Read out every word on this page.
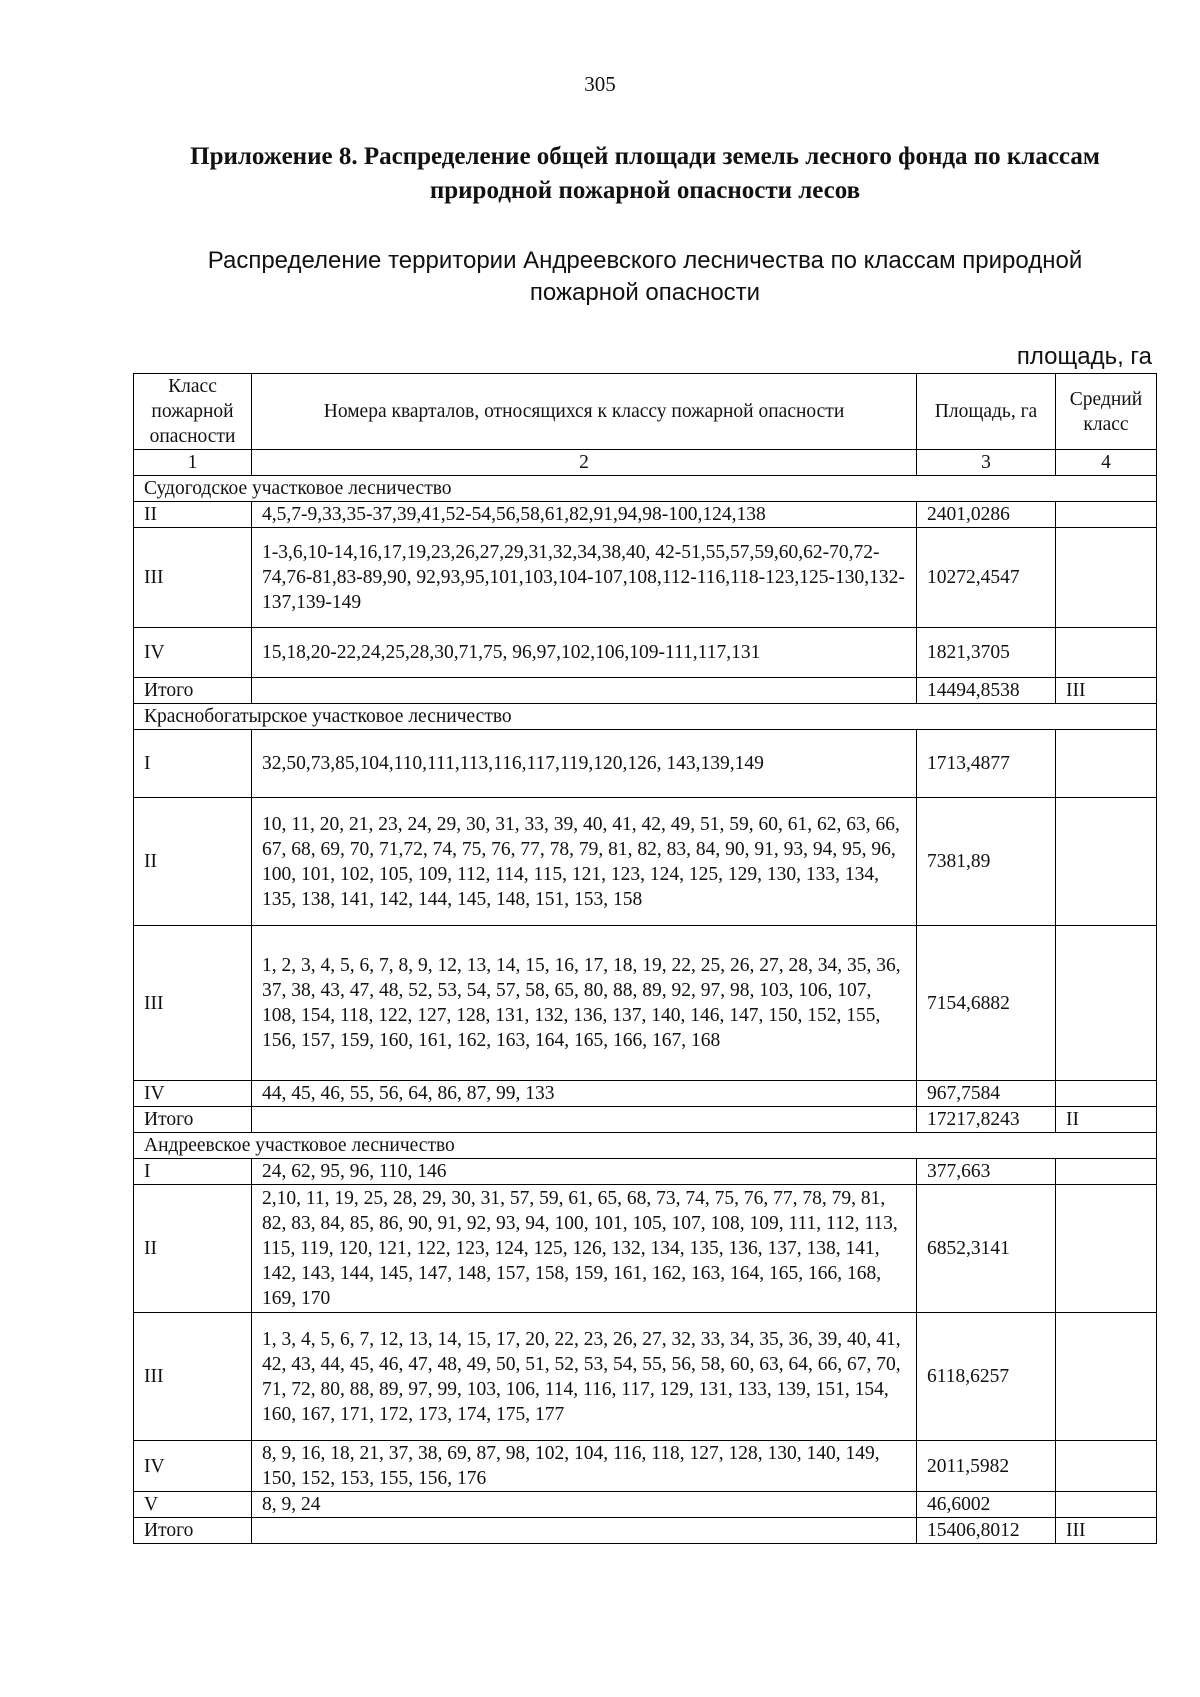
305
Приложение 8. Распределение общей площади земель лесного фонда по классам природной пожарной опасности лесов
Распределение территории Андреевского лесничества по классам природной пожарной опасности
площадь, га
Класс пожарной опасности	Номера кварталов, относящихся к классу пожарной опасности	Площадь, га	Средний класс
1	2	3	4
Судогодское участковое лесничество			
II	4,5,7-9,33,35-37,39,41,52-54,56,58,61,82,91,94,98-100,124,138	2401,0286	
III	1-3,6,10-14,16,17,19,23,26,27,29,31,32,34,38,40, 42-51,55,57,59,60,62-70,72-74,76-81,83-89,90, 92,93,95,101,103,104-107,108,112-116,118-123,125-130,132-137,139-149	10272,4547	
IV	15,18,20-22,24,25,28,30,71,75, 96,97,102,106,109-111,117,131	1821,3705	
Итого		14494,8538	III
Краснобогатырское участковое лесничество			
I	32,50,73,85,104,110,111,113,116,117,119,120,126, 143,139,149	1713,4877	
II	10, 11, 20, 21, 23, 24, 29, 30, 31, 33, 39, 40, 41, 42, 49, 51, 59, 60, 61, 62, 63, 66, 67, 68, 69, 70, 71,72, 74, 75, 76, 77, 78, 79, 81, 82, 83, 84, 90, 91, 93, 94, 95, 96, 100, 101, 102, 105, 109, 112, 114, 115, 121, 123, 124, 125, 129, 130, 133, 134, 135, 138, 141, 142, 144, 145, 148, 151, 153, 158	7381,89	
III	1, 2, 3, 4, 5, 6, 7, 8, 9, 12, 13, 14, 15, 16, 17, 18, 19, 22, 25, 26, 27, 28, 34, 35, 36, 37, 38, 43, 47, 48, 52, 53, 54, 57, 58, 65, 80, 88, 89, 92, 97, 98, 103, 106, 107, 108, 154, 118, 122, 127, 128, 131, 132, 136, 137, 140, 146, 147, 150, 152, 155, 156, 157, 159, 160, 161, 162, 163, 164, 165, 166, 167, 168	7154,6882	
IV	44, 45, 46, 55, 56, 64, 86, 87, 99, 133	967,7584	
Итого		17217,8243	II
Андреевское участковое лесничество			
I	24, 62, 95, 96, 110, 146	377,663	
II	2,10, 11, 19, 25, 28, 29, 30, 31, 57, 59, 61, 65, 68, 73, 74, 75, 76, 77, 78, 79, 81, 82, 83, 84, 85, 86, 90, 91, 92, 93, 94, 100, 101, 105, 107, 108, 109, 111, 112, 113, 115, 119, 120, 121, 122, 123, 124, 125, 126, 132, 134, 135, 136, 137, 138, 141, 142, 143, 144, 145, 147, 148, 157, 158, 159, 161, 162, 163, 164, 165, 166, 168, 169, 170	6852,3141	
III	1, 3, 4, 5, 6, 7, 12, 13, 14, 15, 17, 20, 22, 23, 26, 27, 32, 33, 34, 35, 36, 39, 40, 41, 42, 43, 44, 45, 46, 47, 48, 49, 50, 51, 52, 53, 54, 55, 56, 58, 60, 63, 64, 66, 67, 70, 71, 72, 80, 88, 89, 97, 99, 103, 106, 114, 116, 117, 129, 131, 133, 139, 151, 154, 160, 167, 171, 172, 173, 174, 175, 177	6118,6257	
IV	8, 9, 16, 18, 21, 37, 38, 69, 87, 98, 102, 104, 116, 118, 127, 128, 130, 140, 149, 150, 152, 153, 155, 156, 176	2011,5982	
V	8, 9, 24	46,6002	
Итого		15406,8012	III
